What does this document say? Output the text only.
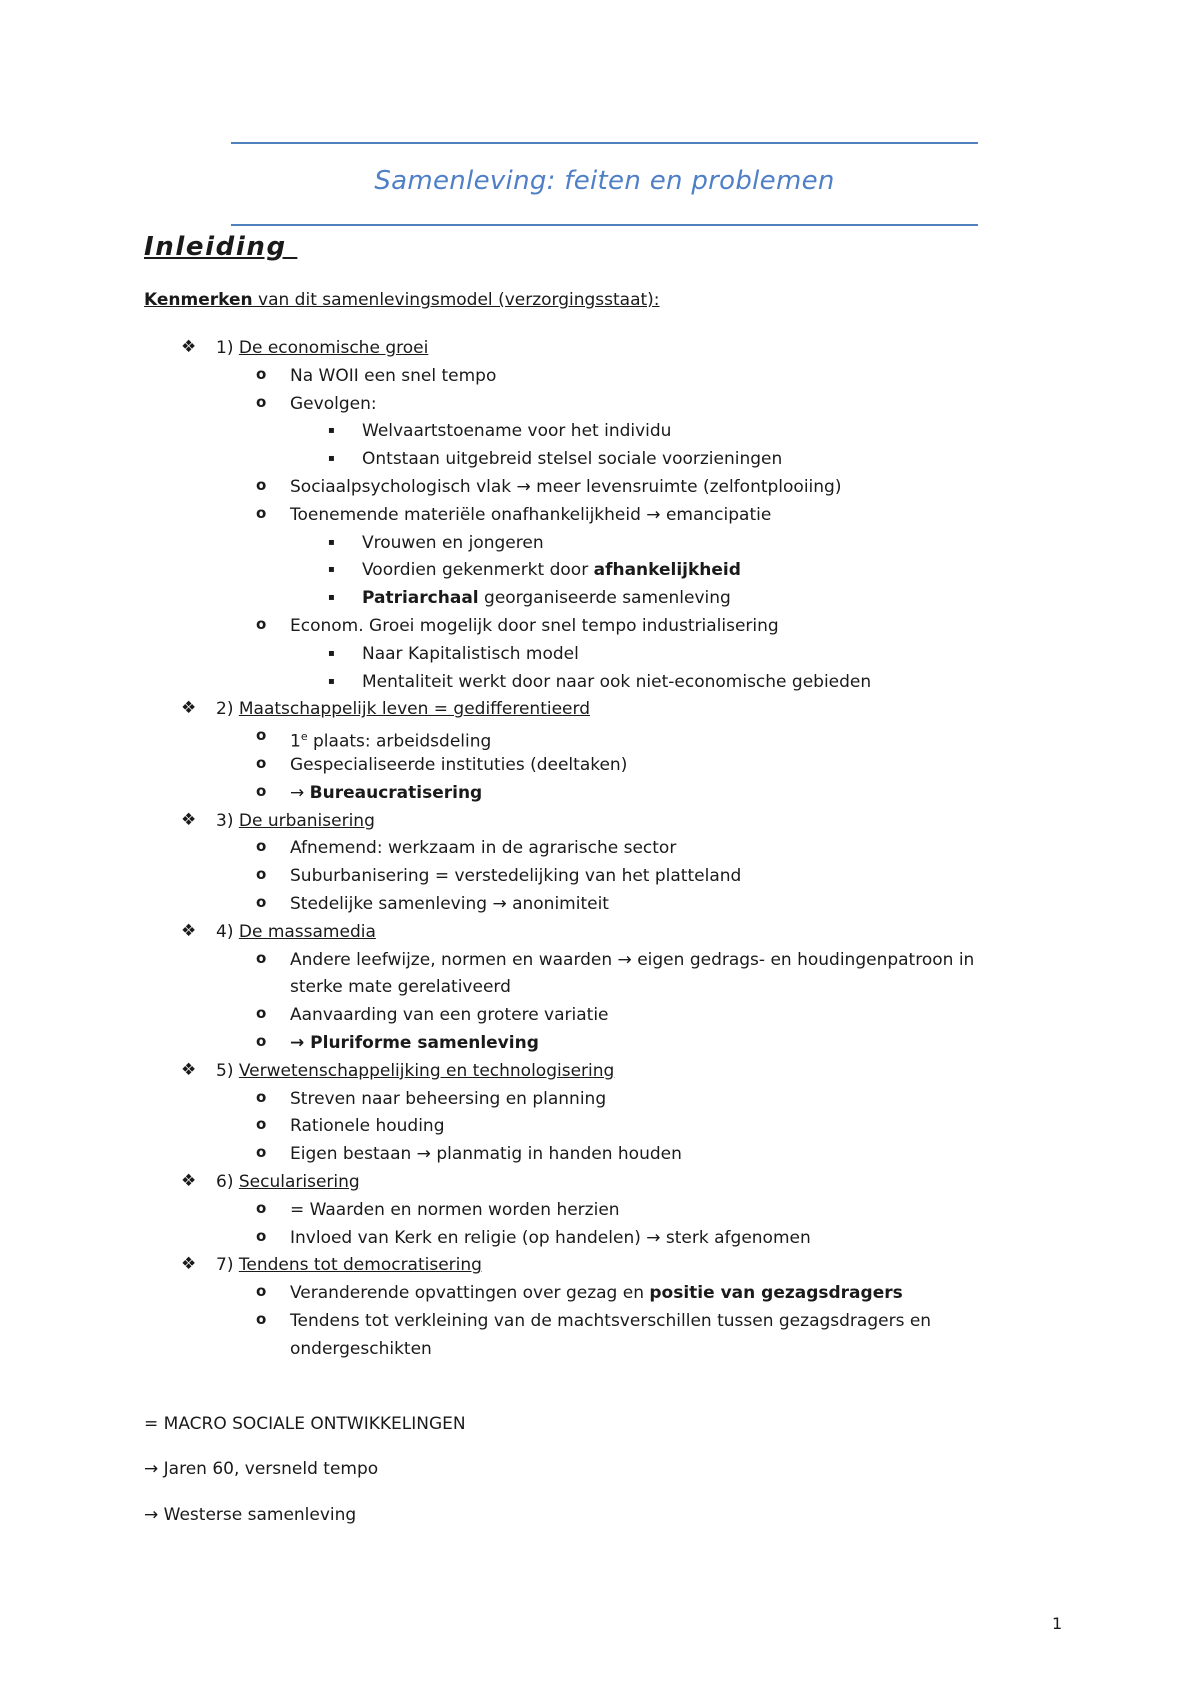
Samenleving: feiten en problemen
Inleiding
Kenmerken van dit samenlevingsmodel (verzorgingsstaat):
❖ 1) De economische groei
o Na WOII een snel tempo
o Gevolgen:
▪ Welvaartstoename voor het individu
▪ Ontstaan uitgebreid stelsel sociale voorzieningen
o Sociaalpsychologisch vlak → meer levensruimte (zelfontplooiing)
o Toenemende materiële onafhankelijkheid → emancipatie
▪ Vrouwen en jongeren
▪ Voordien gekenmerkt door afhankelijkheid
▪ Patriarchaal georganiseerde samenleving
o Econom. Groei mogelijk door snel tempo industrialisering
▪ Naar Kapitalistisch model
▪ Mentaliteit werkt door naar ook niet-economische gebieden
❖ 2) Maatschappelijk leven = gedifferentieerd
o 1e plaats: arbeidsdeling
o Gespecialiseerde instituties (deeltaken)
o → Bureaucratisering
❖ 3) De urbanisering
o Afnemend: werkzaam in de agrarische sector
o Suburbanisering = verstedelijking van het platteland
o Stedelijke samenleving → anonimiteit
❖ 4) De massamedia
o Andere leefwijze, normen en waarden → eigen gedrags- en houdingenpatroon in
sterke mate gerelativeerd
o Aanvaarding van een grotere variatie
o → Pluriforme samenleving
❖ 5) Verwetenschappelijking en technologisering
o Streven naar beheersing en planning
o Rationele houding
o Eigen bestaan → planmatig in handen houden
❖ 6) Secularisering
o = Waarden en normen worden herzien
o Invloed van Kerk en religie (op handelen) → sterk afgenomen
❖ 7) Tendens tot democratisering
o Veranderende opvattingen over gezag en positie van gezagsdragers
o Tendens tot verkleining van de machtsverschillen tussen gezagsdragers en
ondergeschikten
= MACRO SOCIALE ONTWIKKELINGEN
→ Jaren 60, versneld tempo
→ Westerse samenleving
1
